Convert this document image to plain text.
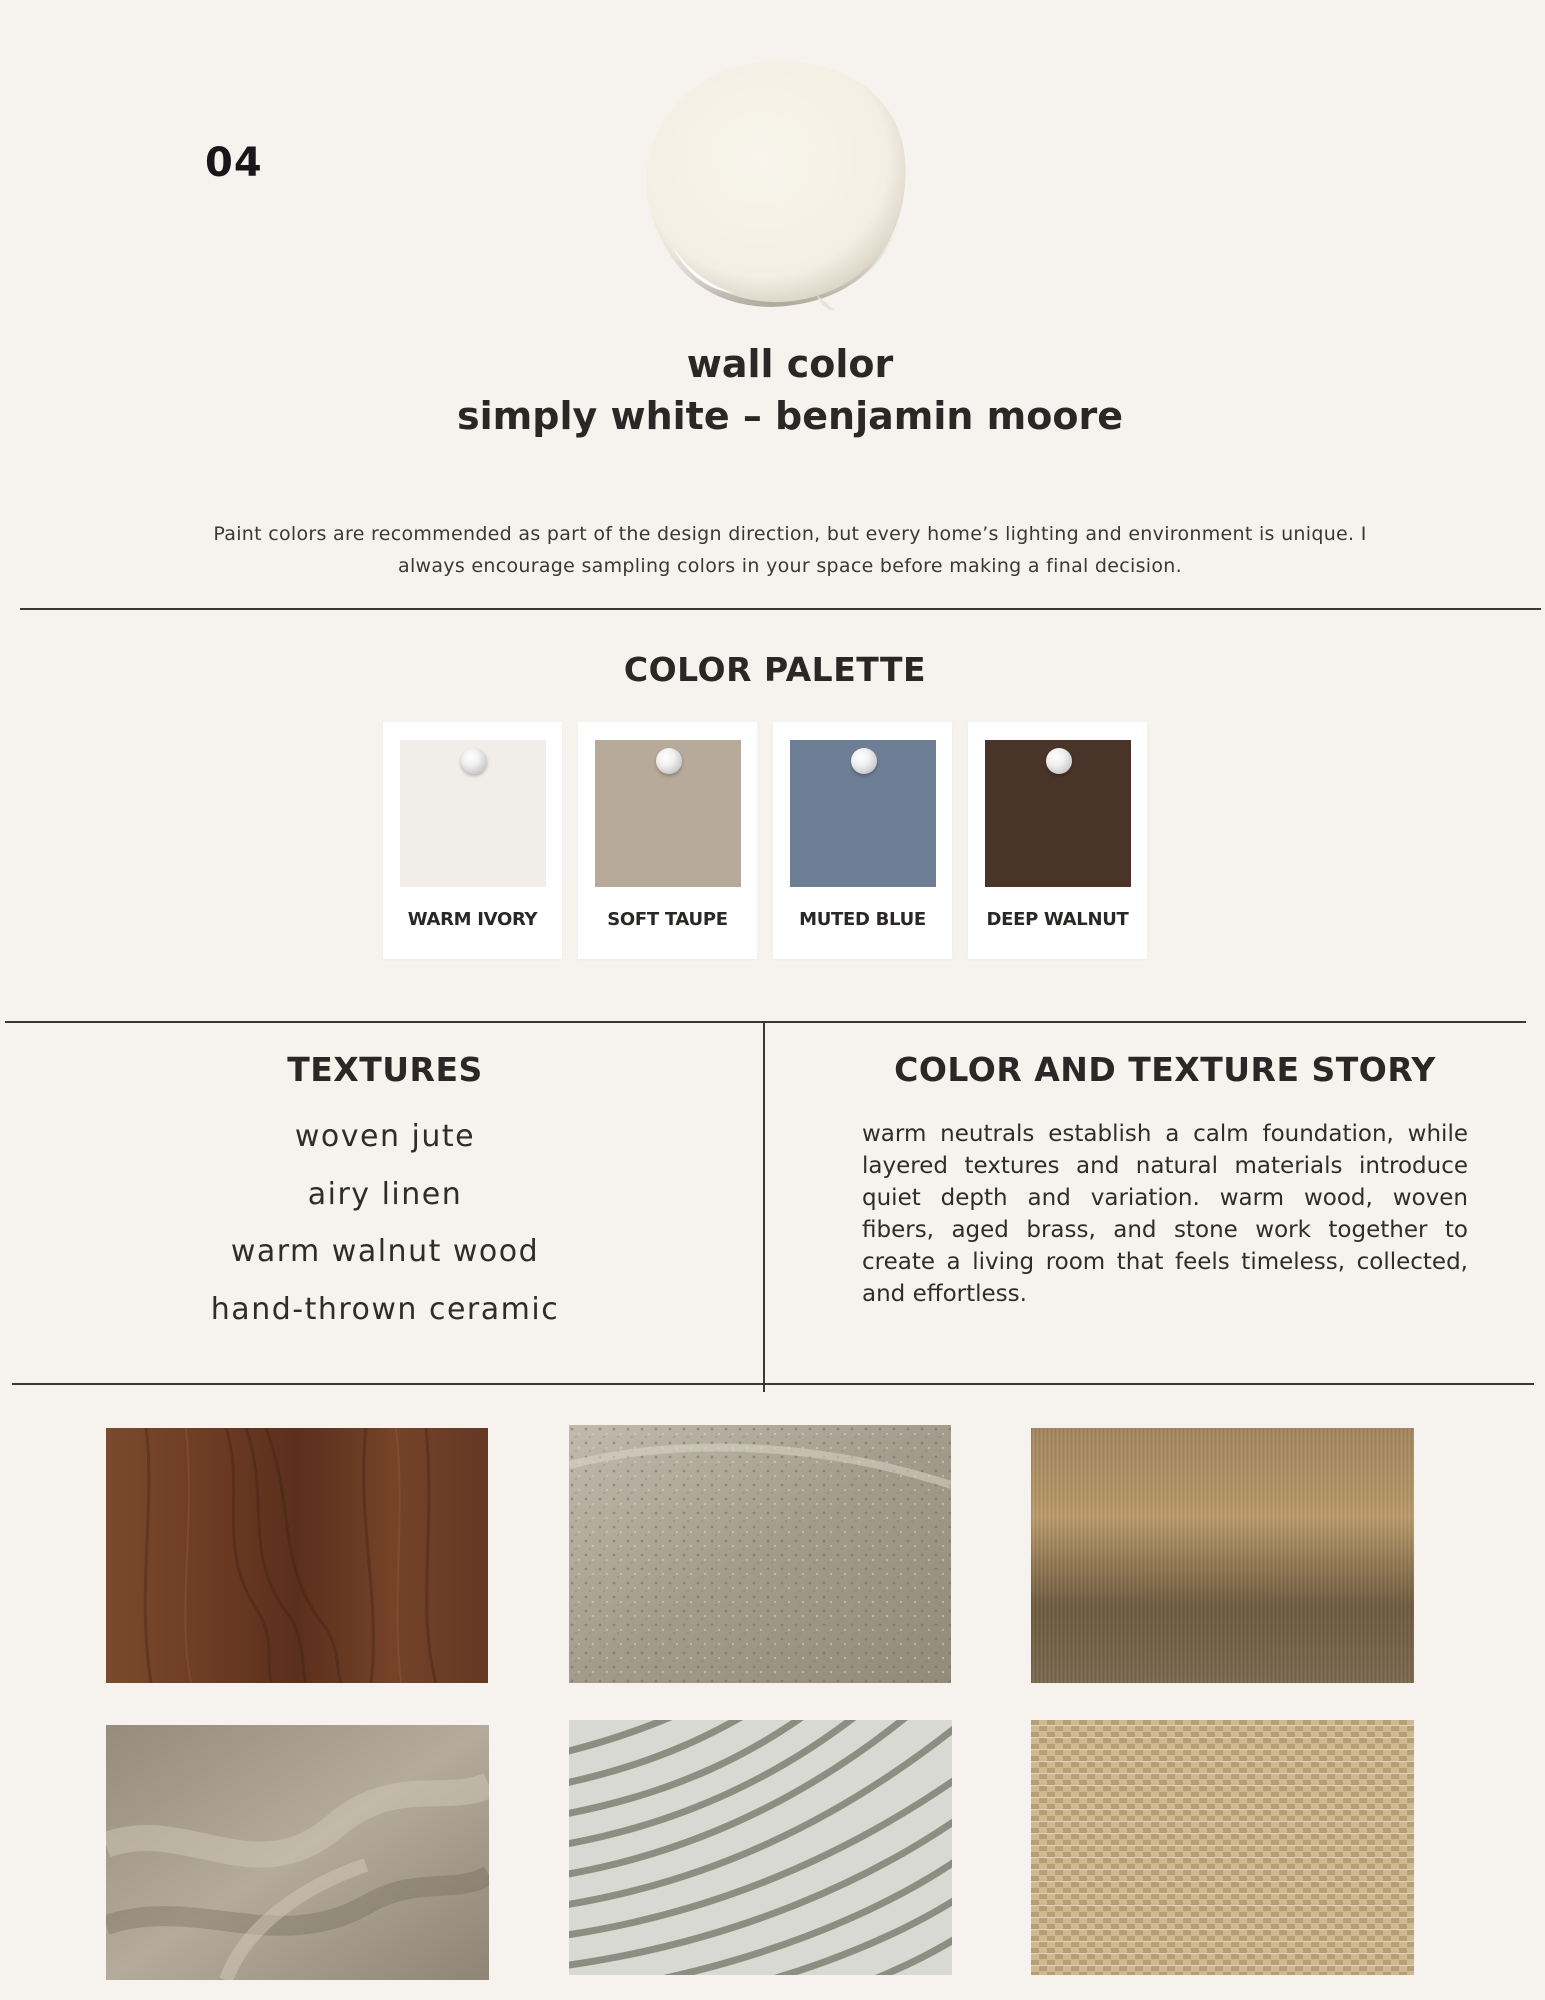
04
wall color
simply white – benjamin moore
Paint colors are recommended as part of the design direction, but every home’s lighting and environment is unique. I always encourage sampling colors in your space before making a final decision.
COLOR PALETTE
WARM IVORY	SOFT TAUPE	MUTED BLUE	DEEP WALNUT
TEXTURES
woven jute
airy linen
warm walnut wood
hand-thrown ceramic
COLOR AND TEXTURE STORY
warm neutrals establish a calm foundation, while layered textures and natural materials introduce quiet depth and variation. warm wood, woven fibers, aged brass, and stone work together to create a living room that feels timeless, collected, and effortless.
